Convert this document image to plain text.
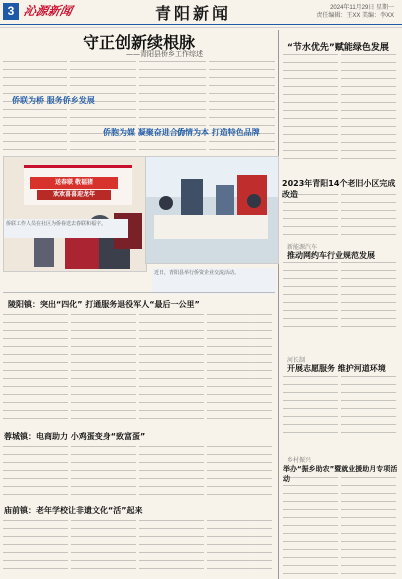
3 沁源新闻	青阳新闻	2024年11月29日 星期一
责任编辑：王XX 美编：李XX
守正创新续根脉
——青阳县侨乡工作综述
侨联为桥 服务侨乡发展
侨胞为媒 凝聚奋进合力
侨情为本 打造特色品牌
送春联 敬福猪
欢欢喜喜迎龙年
侨联工作人员在社区为侨眷送去春联和福字。
近日，青阳县举行侨资企业交流活动。
“节水优先”赋能绿色发展
2023年青阳14个老旧小区完成改造
新能源汽车
推动网约车行业规范发展
河长制
开展志愿服务 维护河道环境
乡村振兴
举办“振乡助农”暨就业援助月专项活动
陵阳镇：突出“四化” 打通服务退役军人“最后一公里”
蓉城镇：电商助力 小鸡蛋变身“致富蛋”
庙前镇：老年学校让非遗文化“活”起来
